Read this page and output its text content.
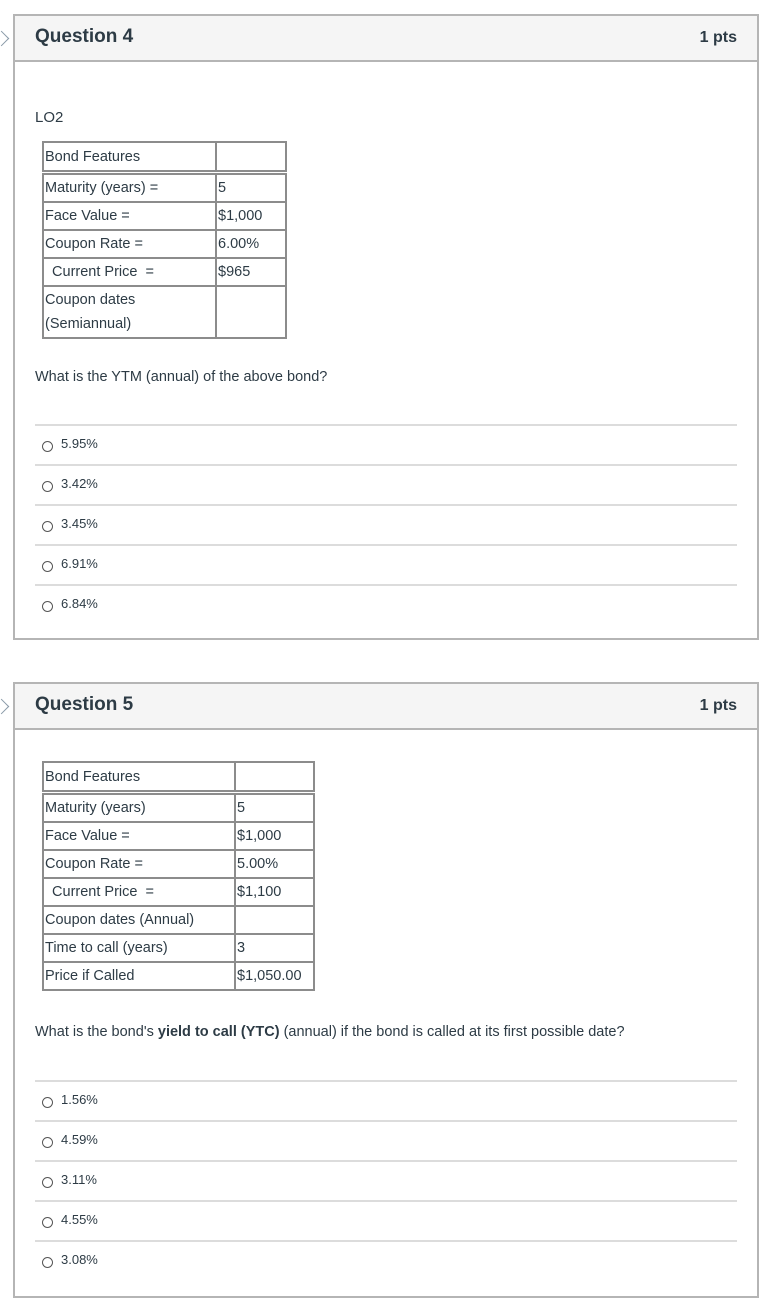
Question 4	1 pts
LO2
Bond Features	
Maturity (years) =	5
Face Value =	$1,000
Coupon Rate =	6.00%
Current Price  =	$965
Coupon dates (Semiannual)	
What is the YTM (annual) of the above bond?
5.95%
3.42%
3.45%
6.91%
6.84%
Question 5	1 pts
Bond Features	
Maturity (years)	5
Face Value =	$1,000
Coupon Rate =	5.00%
Current Price  =	$1,100
Coupon dates (Annual)	
Time to call (years)	3
Price if Called	$1,050.00
What is the bond's yield to call (YTC) (annual) if the bond is called at its first possible date?
1.56%
4.59%
3.11%
4.55%
3.08%
